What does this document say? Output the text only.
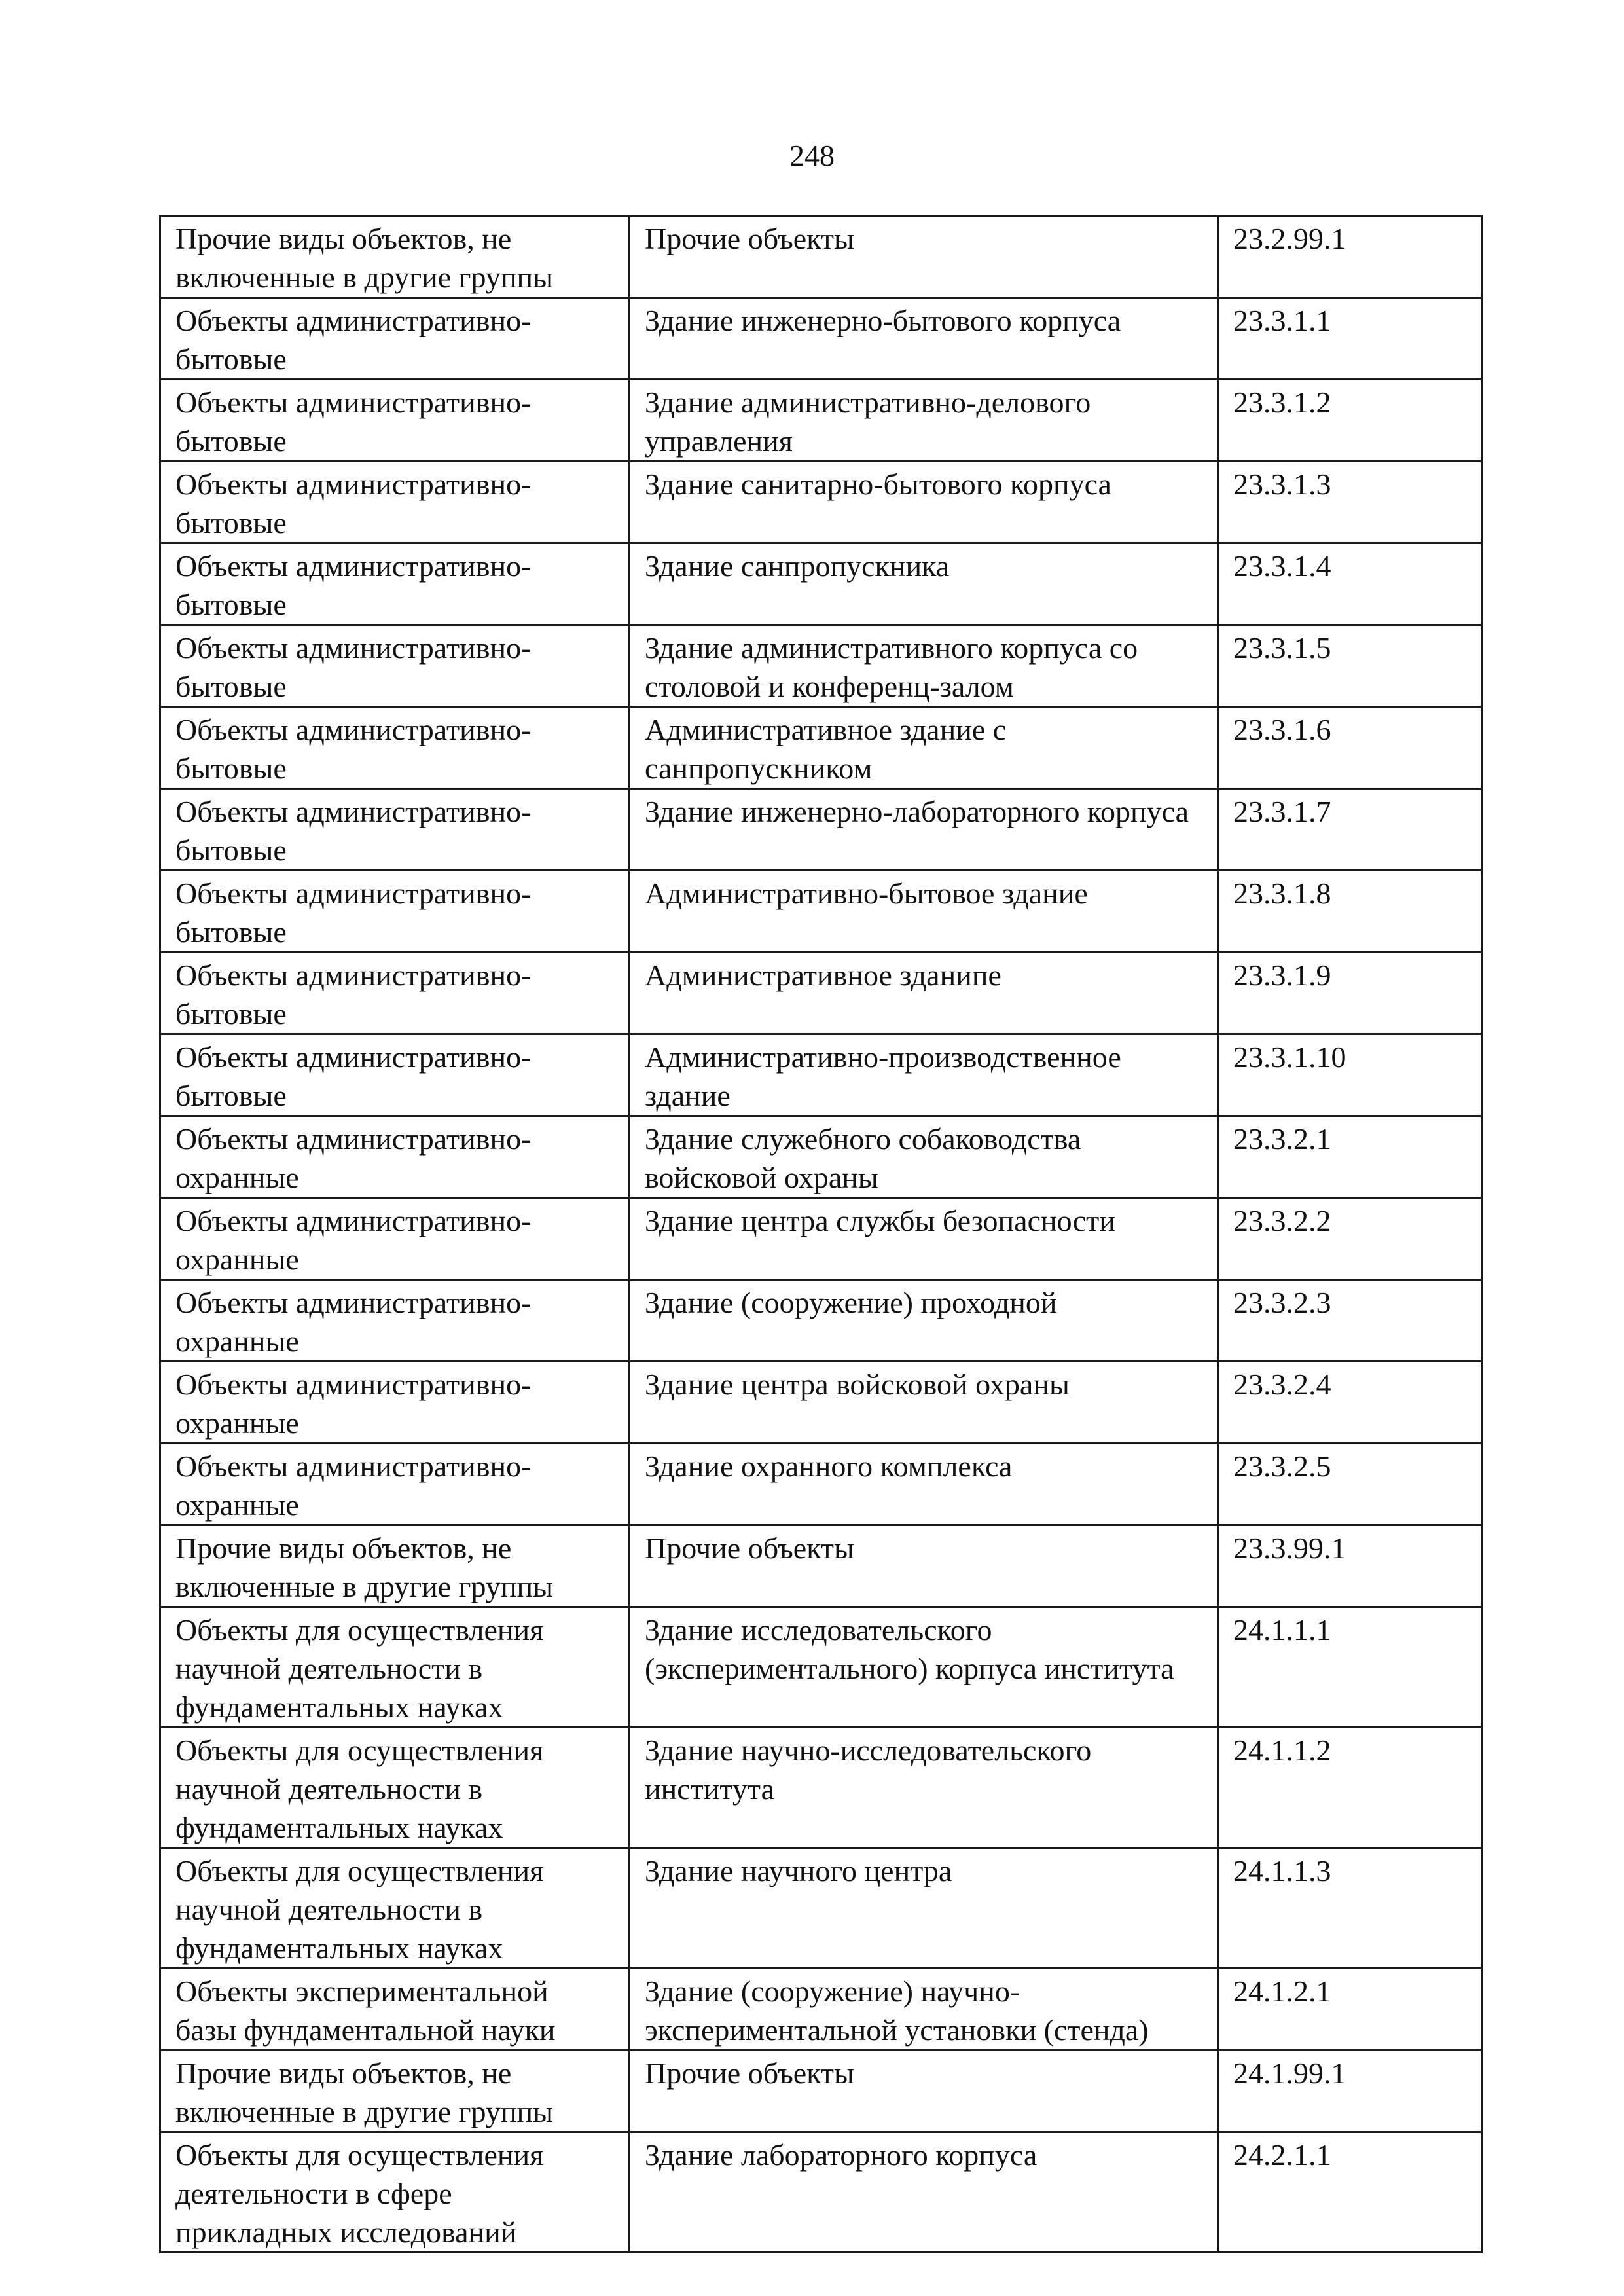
248
Прочие виды объектов, не включенные в другие группы	Прочие объекты	23.2.99.1
Объекты административно-бытовые	Здание инженерно-бытового корпуса	23.3.1.1
Объекты административно-бытовые	Здание административно-делового управления	23.3.1.2
Объекты административно-бытовые	Здание санитарно-бытового корпуса	23.3.1.3
Объекты административно-бытовые	Здание санпропускника	23.3.1.4
Объекты административно-бытовые	Здание административного корпуса со столовой и конференц-залом	23.3.1.5
Объекты административно-бытовые	Административное здание с санпропускником	23.3.1.6
Объекты административно-бытовые	Здание инженерно-лабораторного корпуса	23.3.1.7
Объекты административно-бытовые	Административно-бытовое здание	23.3.1.8
Объекты административно-бытовые	Административное зданипе	23.3.1.9
Объекты административно-бытовые	Административно-производственное здание	23.3.1.10
Объекты административно-охранные	Здание служебного собаководства войсковой охраны	23.3.2.1
Объекты административно-охранные	Здание центра службы безопасности	23.3.2.2
Объекты административно-охранные	Здание (сооружение) проходной	23.3.2.3
Объекты административно-охранные	Здание центра войсковой охраны	23.3.2.4
Объекты административно-охранные	Здание охранного комплекса	23.3.2.5
Прочие виды объектов, не включенные в другие группы	Прочие объекты	23.3.99.1
Объекты для осуществления научной деятельности в фундаментальных науках	Здание исследовательского (экспериментального) корпуса института	24.1.1.1
Объекты для осуществления научной деятельности в фундаментальных науках	Здание научно-исследовательского института	24.1.1.2
Объекты для осуществления научной деятельности в фундаментальных науках	Здание научного центра	24.1.1.3
Объекты экспериментальной базы фундаментальной науки	Здание (сооружение) научно-экспериментальной установки (стенда)	24.1.2.1
Прочие виды объектов, не включенные в другие группы	Прочие объекты	24.1.99.1
Объекты для осуществления деятельности в сфере прикладных исследований	Здание лабораторного корпуса	24.2.1.1
